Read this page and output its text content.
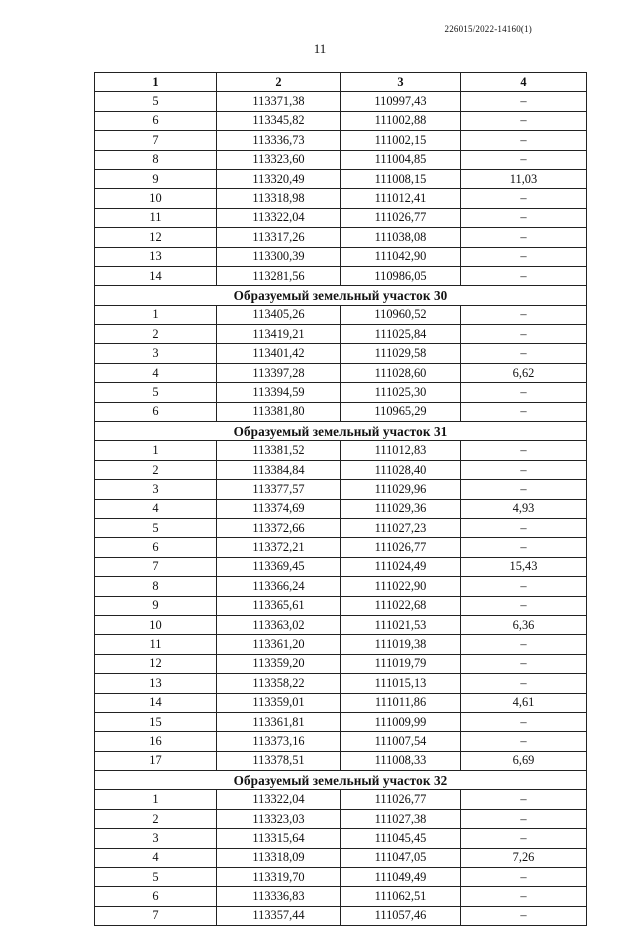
226015/2022-14160(1)
11
1	2	3	4
5	113371,38	110997,43	–
6	113345,82	111002,88	–
7	113336,73	111002,15	–
8	113323,60	111004,85	–
9	113320,49	111008,15	11,03
10	113318,98	111012,41	–
11	113322,04	111026,77	–
12	113317,26	111038,08	–
13	113300,39	111042,90	–
14	113281,56	110986,05	–
Образуемый земельный участок 30			
1	113405,26	110960,52	–
2	113419,21	111025,84	–
3	113401,42	111029,58	–
4	113397,28	111028,60	6,62
5	113394,59	111025,30	–
6	113381,80	110965,29	–
Образуемый земельный участок 31			
1	113381,52	111012,83	–
2	113384,84	111028,40	–
3	113377,57	111029,96	–
4	113374,69	111029,36	4,93
5	113372,66	111027,23	–
6	113372,21	111026,77	–
7	113369,45	111024,49	15,43
8	113366,24	111022,90	–
9	113365,61	111022,68	–
10	113363,02	111021,53	6,36
11	113361,20	111019,38	–
12	113359,20	111019,79	–
13	113358,22	111015,13	–
14	113359,01	111011,86	4,61
15	113361,81	111009,99	–
16	113373,16	111007,54	–
17	113378,51	111008,33	6,69
Образуемый земельный участок 32			
1	113322,04	111026,77	–
2	113323,03	111027,38	–
3	113315,64	111045,45	–
4	113318,09	111047,05	7,26
5	113319,70	111049,49	–
6	113336,83	111062,51	–
7	113357,44	111057,46	–
